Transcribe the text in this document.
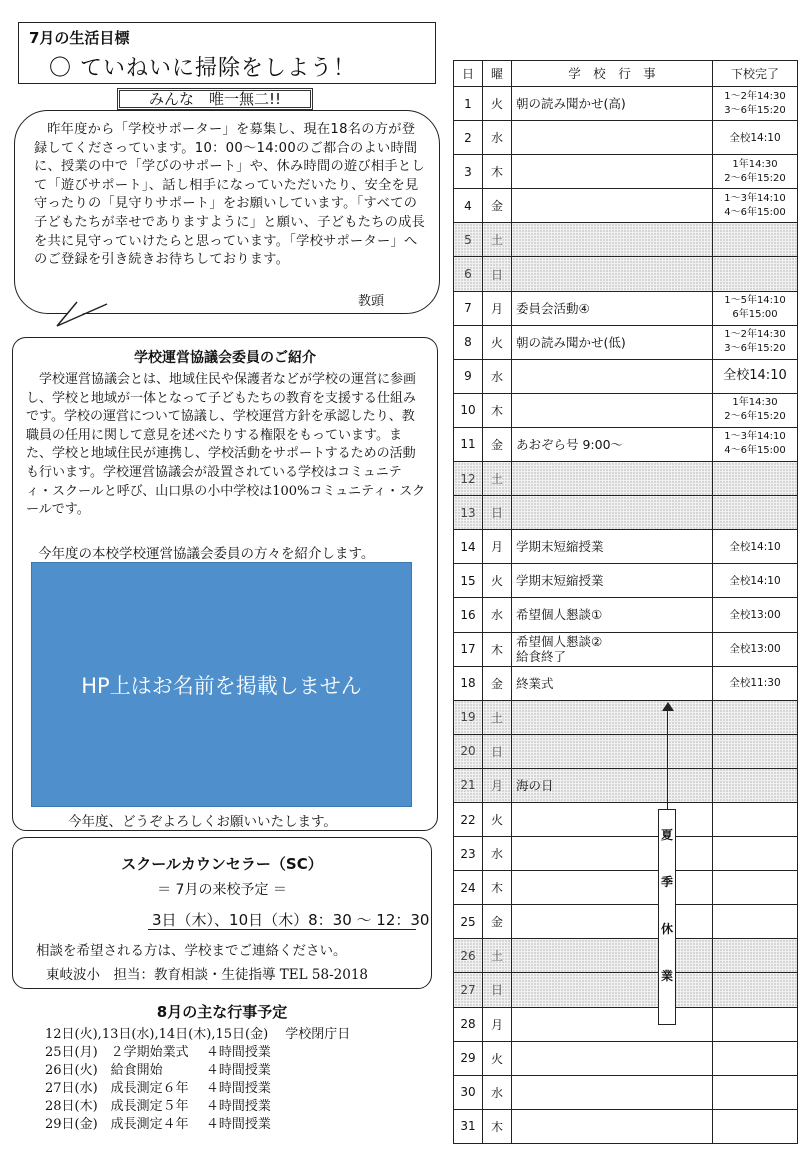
7月の生活目標
〇 ていねいに掃除をしよう！
みんな　唯一無二!!
昨年度から「学校サポーター」を募集し、現在18名の方が登録してくださっています。10：00～14:00のご都合のよい時間に、授業の中で「学びのサポート」や、休み時間の遊び相手として「遊びサポート」、話し相手になっていただいたり、安全を見守ったりの「見守りサポート」をお願いしています。「すべての子どもたちが幸せでありますように」と願い、子どもたちの成長を共に見守っていけたらと思っています。「学校サポーター」へのご登録を引き続きお待ちしております。
教頭
学校運営協議会委員のご紹介
学校運営協議会とは、地域住民や保護者などが学校の運営に参画し、学校と地域が一体となって子どもたちの教育を支援する仕組みです。学校の運営について協議し、学校運営方針を承認したり、教職員の任用に関して意見を述べたりする権限をもっています。また、学校と地域住民が連携し、学校活動をサポートするための活動も行います。学校運営協議会が設置されている学校はコミュニティ・スクールと呼び、山口県の小中学校は100%コミュニティ・スクールです。
今年度の本校学校運営協議会委員の方々を紹介します。
HP上はお名前を掲載しません
今年度、どうぞよろしくお願いいたします。
スクールカウンセラー（SC）
＝ 7月の来校予定 ＝
3日（木）、10日（木）8：30 ～ 12：30
相談を希望される方は、学校までご連絡ください。
東岐波小　担当：教育相談・生徒指導 TEL 58-2018
8月の主な行事予定
12日(火),13日(水),14日(木),15日(金)　 学校閉庁日
25日(月)　２学期始業式　 ４時間授業
26日(火)　給食開始　　　 ４時間授業
27日(水)　成長測定６年　 ４時間授業
28日(木)　成長測定５年　 ４時間授業
29日(金)　成長測定４年　 ４時間授業
日	曜	学　校　行　事	下校完了
1	火	朝の読み聞かせ(高)	1～2年14:30
3～6年15:20
2	水		全校14:10
3	木		1年14:30
2～6年15:20
4	金		1～3年14:10
4～6年15:00
5	土		
6	日		
7	月	委員会活動④	1～5年14:10
6年15:00
8	火	朝の読み聞かせ(低)	1～2年14:30
3～6年15:20
9	水		全校14:10
10	木		1年14:30
2～6年15:20
11	金	あおぞら号 9:00～	1～3年14:10
4～6年15:00
12	土		
13	日		
14	月	学期末短縮授業	全校14:10
15	火	学期末短縮授業	全校14:10
16	水	希望個人懇談①	全校13:00
17	木	希望個人懇談②
給食終了	全校13:00
18	金	終業式	全校11:30
19	土		
20	日		
21	月	海の日	
22	火		
23	水		
24	木		
25	金		
26	土		
27	日		
28	月		
29	火		
30	水		
31	木		
夏
季
休
業
